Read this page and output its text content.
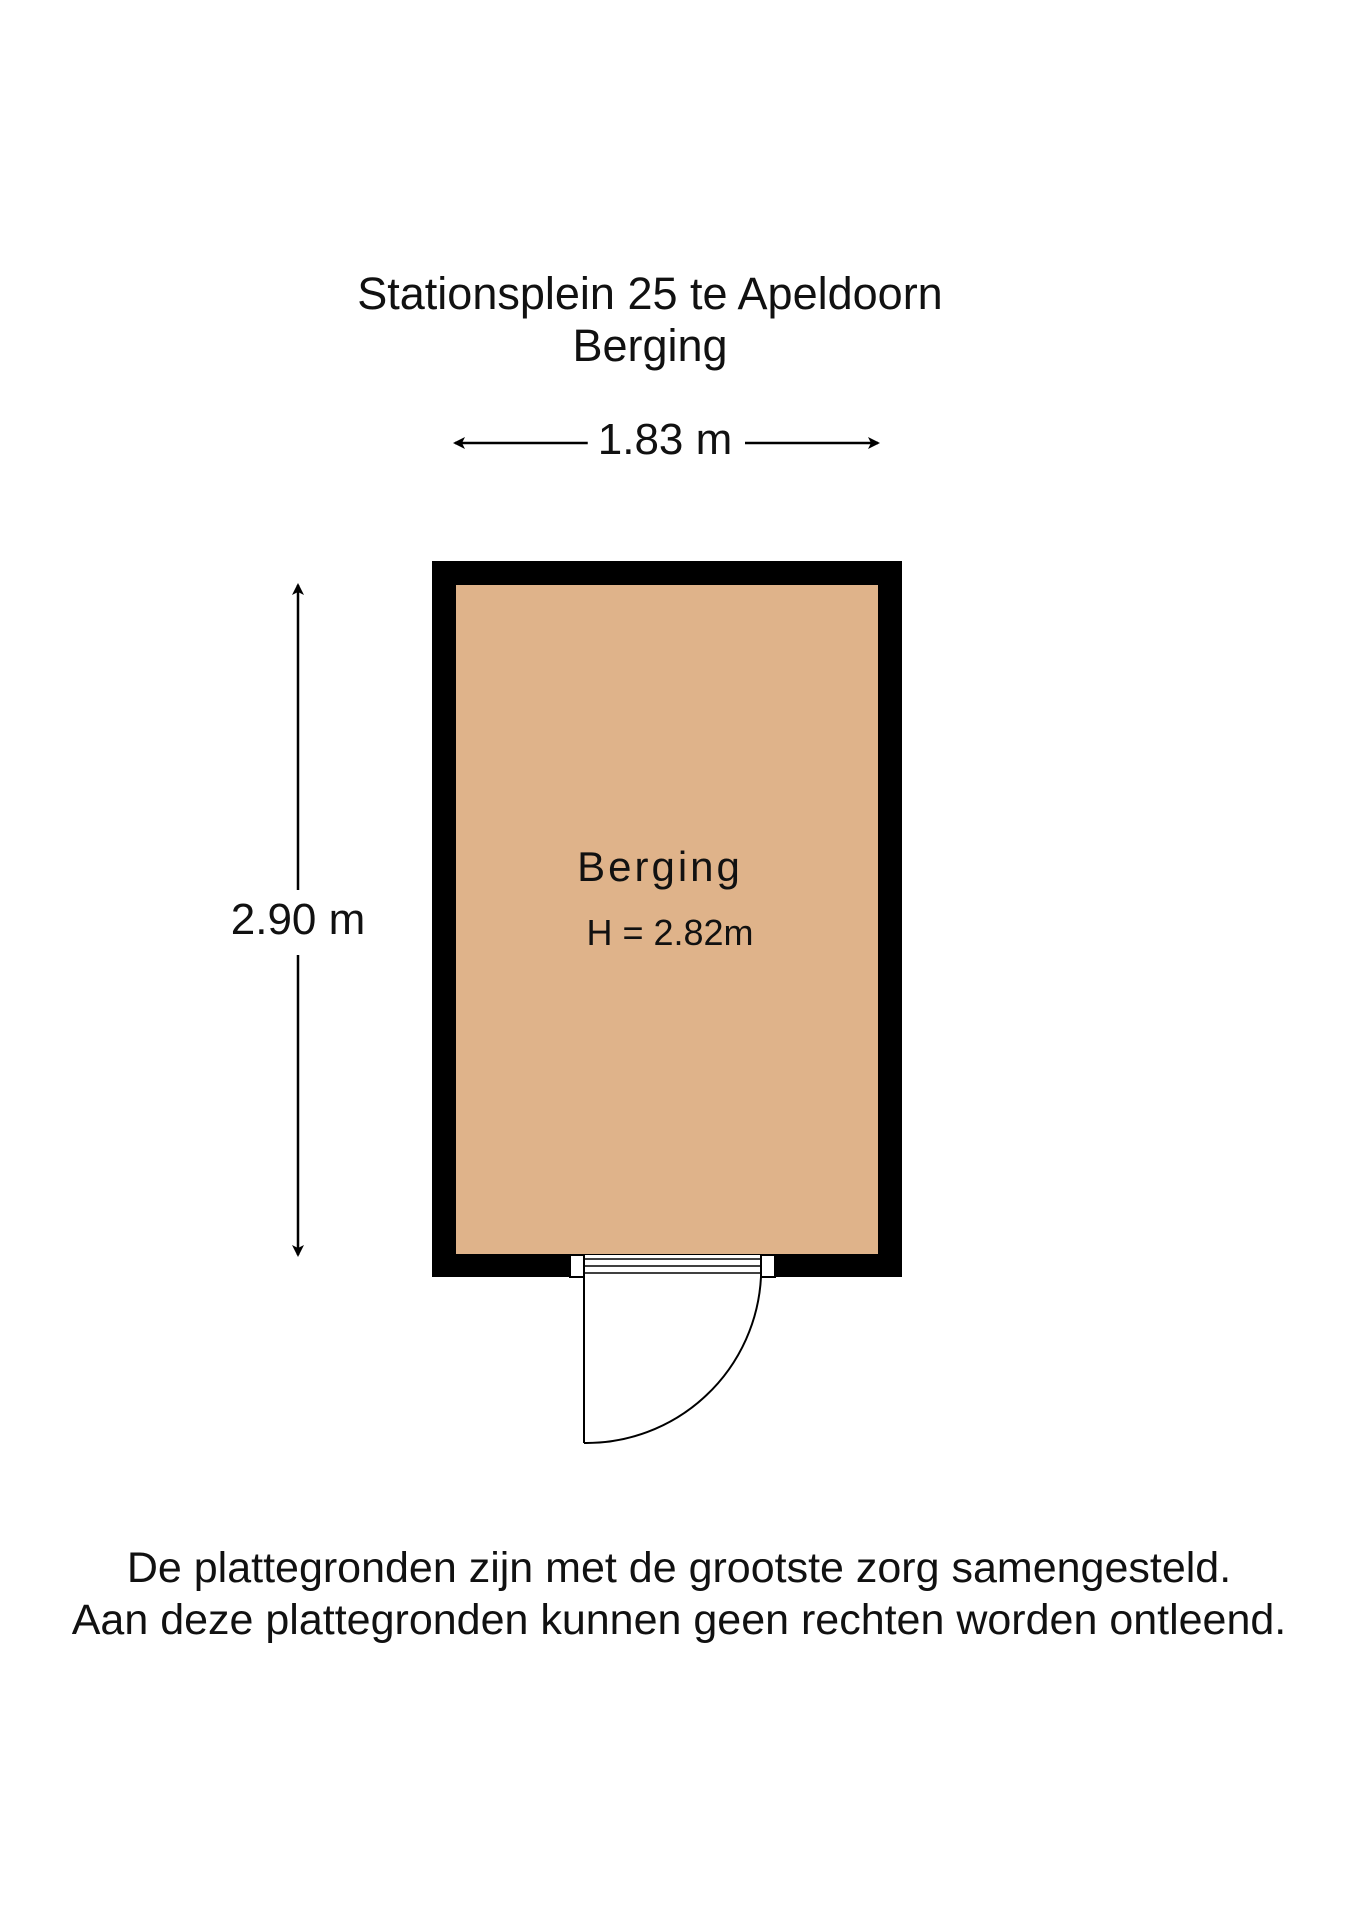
Stationsplein 25 te Apeldoorn
Berging
1.83 m
2.90 m
Berging
H = 2.82m
De plattegronden zijn met de grootste zorg samengesteld.
Aan deze plattegronden kunnen geen rechten worden ontleend.
